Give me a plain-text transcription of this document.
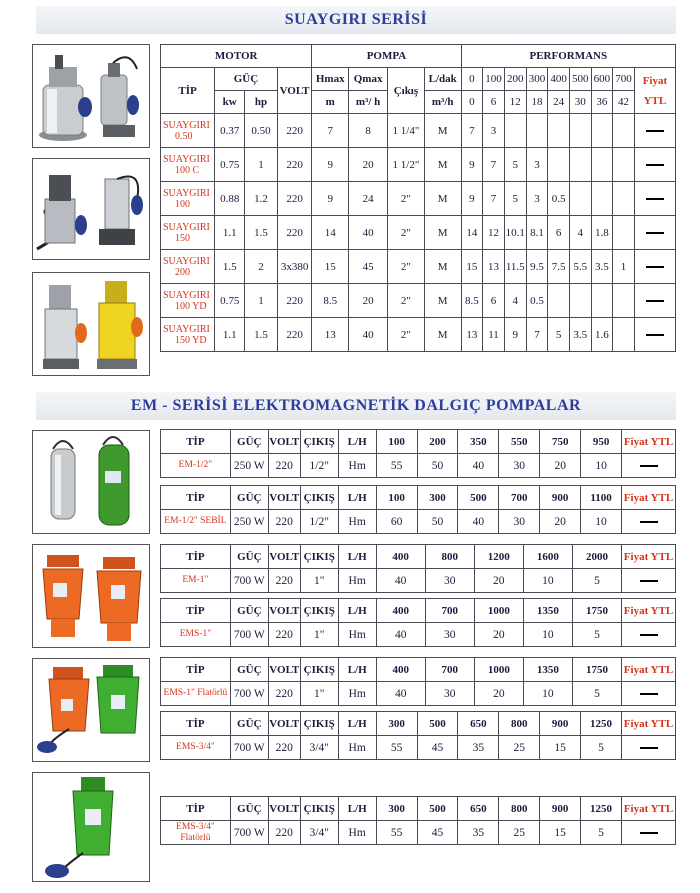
SUAYGIRI SERİSİ
EM - SERİSİ ELEKTROMAGNETİK DALGIÇ POMPALAR
MOTOR				POMPA				PERFORMANS								
TİP	GÜÇ		VOLT	Hmax	Qmax	Çıkış	L/dak	0	100	200	300	400	500	600	700	Fiyat YTL
	kw	hp		m	m³/ h		m³/h	0	6	12	18	24	30	36	42	
SUAYGIRI
0.50	0.37	0.50	220	7	8	1 1/4"	M	7	3							
SUAYGIRI
100 C	0.75	1	220	9	20	1 1/2"	M	9	7	5	3					
SUAYGIRI
100	0.88	1.2	220	9	24	2"	M	9	7	5	3	0.5				
SUAYGIRI
150	1.1	1.5	220	14	40	2"	M	14	12	10.1	8.1	6	4	1.8		
SUAYGIRI
200	1.5	2	3x380	15	45	2"	M	15	13	11.5	9.5	7.5	5.5	3.5	1	
SUAYGIRI
100 YD	0.75	1	220	8.5	20	2"	M	8.5	6	4	0.5					
SUAYGIRI
150 YD	1.1	1.5	220	13	40	2"	M	13	11	9	7	5	3.5	1.6		
TİP	GÜÇ	VOLT	ÇIKIŞ	L/H	100	200	350	550	750	950	Fiyat YTL
EM-1/2"	250 W	220	1/2"	Hm	55	50	40	30	20	10	
TİP	GÜÇ	VOLT	ÇIKIŞ	L/H	100	300	500	700	900	1100	Fiyat YTL
EM-1/2" SEBİL	250 W	220	1/2"	Hm	60	50	40	30	20	10	
TİP	GÜÇ	VOLT	ÇIKIŞ	L/H	400	800	1200	1600	2000	Fiyat YTL
EM-1"	700 W	220	1"	Hm	40	30	20	10	5	
TİP	GÜÇ	VOLT	ÇIKIŞ	L/H	400	700	1000	1350	1750	Fiyat YTL
EMS-1"	700 W	220	1"	Hm	40	30	20	10	5	
TİP	GÜÇ	VOLT	ÇIKIŞ	L/H	400	700	1000	1350	1750	Fiyat YTL
EMS-1" Flatörlü	700 W	220	1"	Hm	40	30	20	10	5	
TİP	GÜÇ	VOLT	ÇIKIŞ	L/H	300	500	650	800	900	1250	Fiyat YTL
EMS-3/4"	700 W	220	3/4"	Hm	55	45	35	25	15	5	
TİP	GÜÇ	VOLT	ÇIKIŞ	L/H	300	500	650	800	900	1250	Fiyat YTL
EMS-3/4" Flatörlü	700 W	220	3/4"	Hm	55	45	35	25	15	5	
